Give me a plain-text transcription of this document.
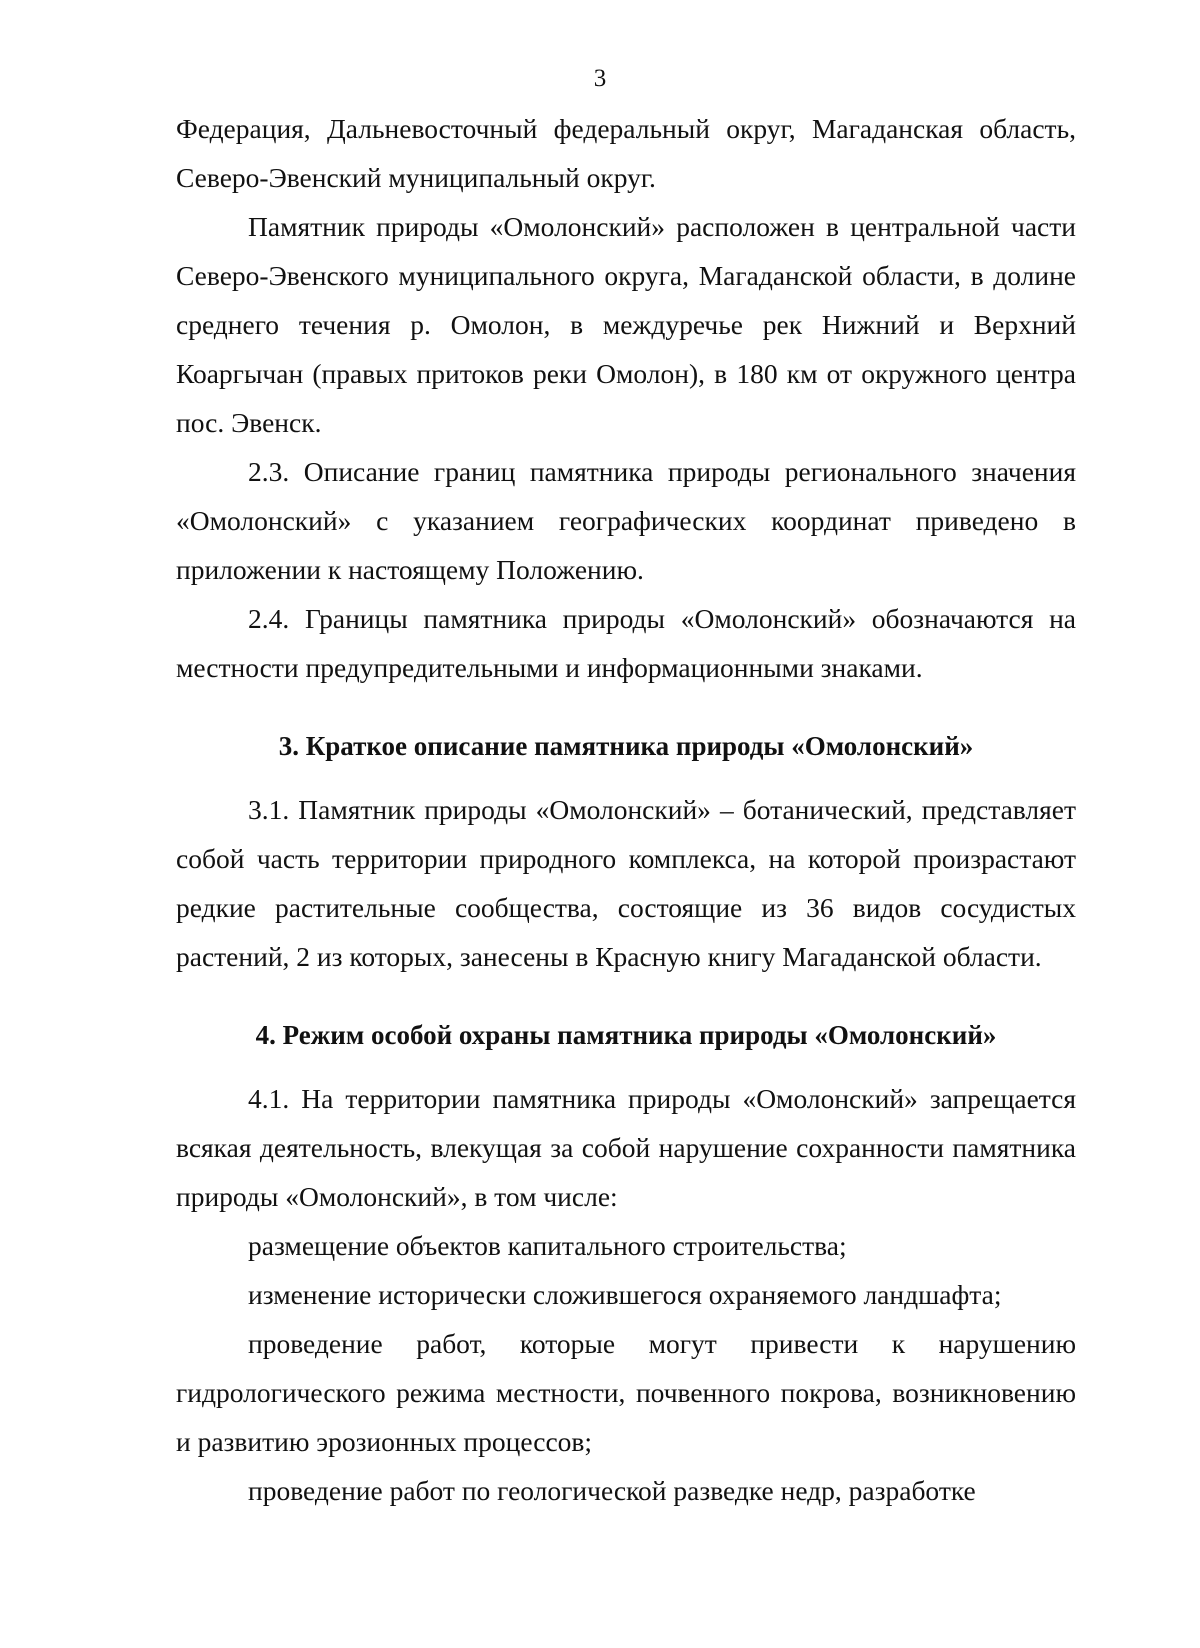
3

Федерация, Дальневосточный федеральный округ, Магаданская область, Северо-Эвенский муниципальный округ.

Памятник природы «Омолонский» расположен в центральной части Северо-Эвенского муниципального округа, Магаданской области, в долине среднего течения р. Омолон, в междуречье рек Нижний и Верхний Коаргычан (правых притоков реки Омолон), в 180 км от окружного центра пос. Эвенск.

2.3. Описание границ памятника природы регионального значения «Омолонский» с указанием географических координат приведено в приложении к настоящему Положению.

2.4. Границы памятника природы «Омолонский» обозначаются на местности предупредительными и информационными знаками.

3. Краткое описание памятника природы «Омолонский»

3.1. Памятник природы «Омолонский» – ботанический, представляет собой часть территории природного комплекса, на которой произрастают редкие растительные сообщества, состоящие из 36 видов сосудистых растений, 2 из которых, занесены в Красную книгу Магаданской области.

4. Режим особой охраны памятника природы «Омолонский»

4.1. На территории памятника природы «Омолонский» запрещается всякая деятельность, влекущая за собой нарушение сохранности памятника природы «Омолонский», в том числе:

размещение объектов капитального строительства;

изменение исторически сложившегося охраняемого ландшафта;

проведение работ, которые могут привести к нарушению гидрологического режима местности, почвенного покрова, возникновению и развитию эрозионных процессов;

проведение работ по геологической разведке недр, разработке
